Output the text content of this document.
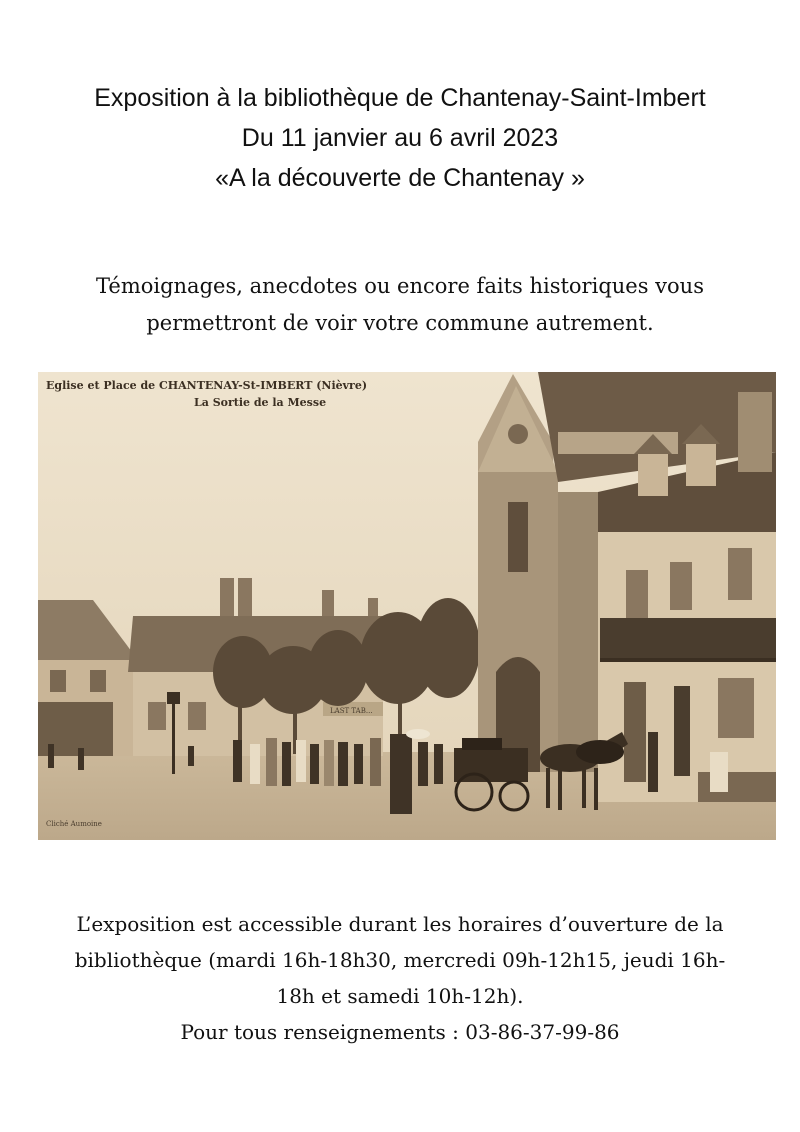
Exposition à la bibliothèque de Chantenay-Saint-Imbert
Du 11 janvier au 6 avril 2023
«A la découverte de Chantenay »
Témoignages, anecdotes ou encore faits historiques vous
permettront de voir votre commune autrement.
LAST TAB...
Eglise et Place de CHANTENAY-St-IMBERT (Nièvre)
La Sortie de la Messe
Cliché Aumoine
L’exposition est accessible durant les horaires d’ouverture de la
bibliothèque (mardi 16h-18h30, mercredi 09h-12h15, jeudi 16h-
18h et samedi 10h-12h).
Pour tous renseignements : 03-86-37-99-86
